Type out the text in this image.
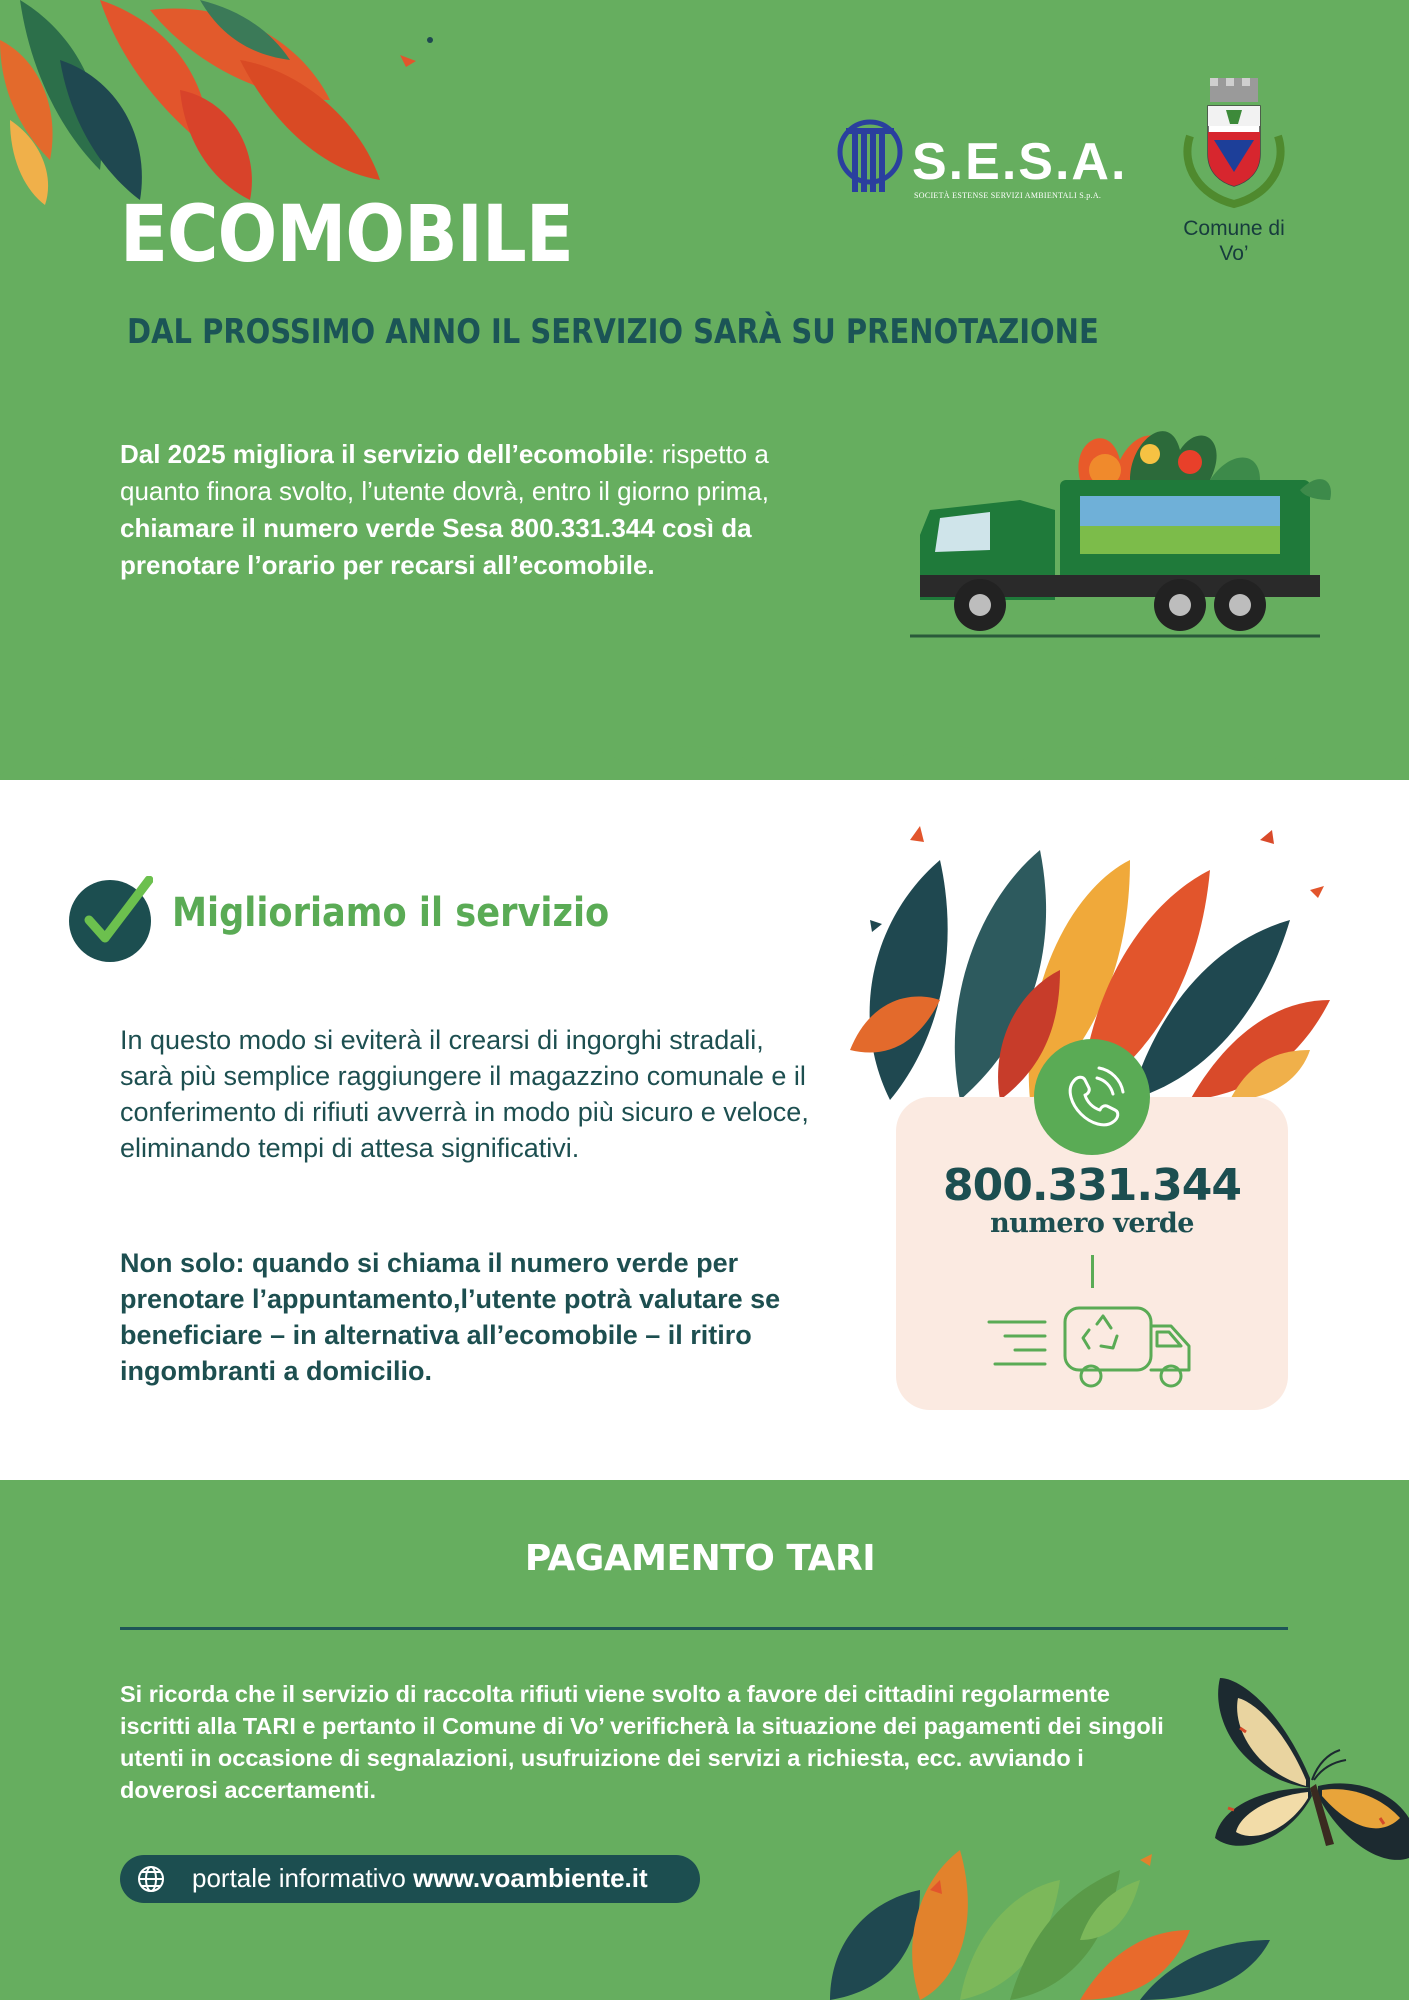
ECOMOBILE
DAL PROSSIMO ANNO IL SERVIZIO SARÀ SU PRENOTAZIONE
S.E.S.A.
SOCIETÀ ESTENSE SERVIZI AMBIENTALI S.p.A.
Comune di Vo’

Dal 2025 migliora il servizio dell’ecomobile: rispetto a quanto finora svolto, l’utente dovrà, entro il giorno prima, chiamare il numero verde Sesa 800.331.344 così da prenotare l’orario per recarsi all’ecomobile.

Miglioriamo il servizio

In questo modo si eviterà il crearsi di ingorghi stradali, sarà più semplice raggiungere il magazzino comunale e il conferimento di rifiuti avverrà in modo più sicuro e veloce, eliminando tempi di attesa significativi.

Non solo: quando si chiama il numero verde per prenotare l’appuntamento,l’utente potrà valutare se beneficiare – in alternativa all’ecomobile – il ritiro ingombranti a domicilio.

800.331.344
numero verde
PAGAMENTO TARI

Si ricorda che il servizio di raccolta rifiuti viene svolto a favore dei cittadini regolarmente iscritti alla TARI e pertanto il Comune di Vo’ verificherà la situazione dei pagamenti dei singoli utenti in occasione di segnalazioni, usufruizione dei servizi a richiesta, ecc. avviando i doverosi accertamenti.

portale informativo www.voambiente.it
